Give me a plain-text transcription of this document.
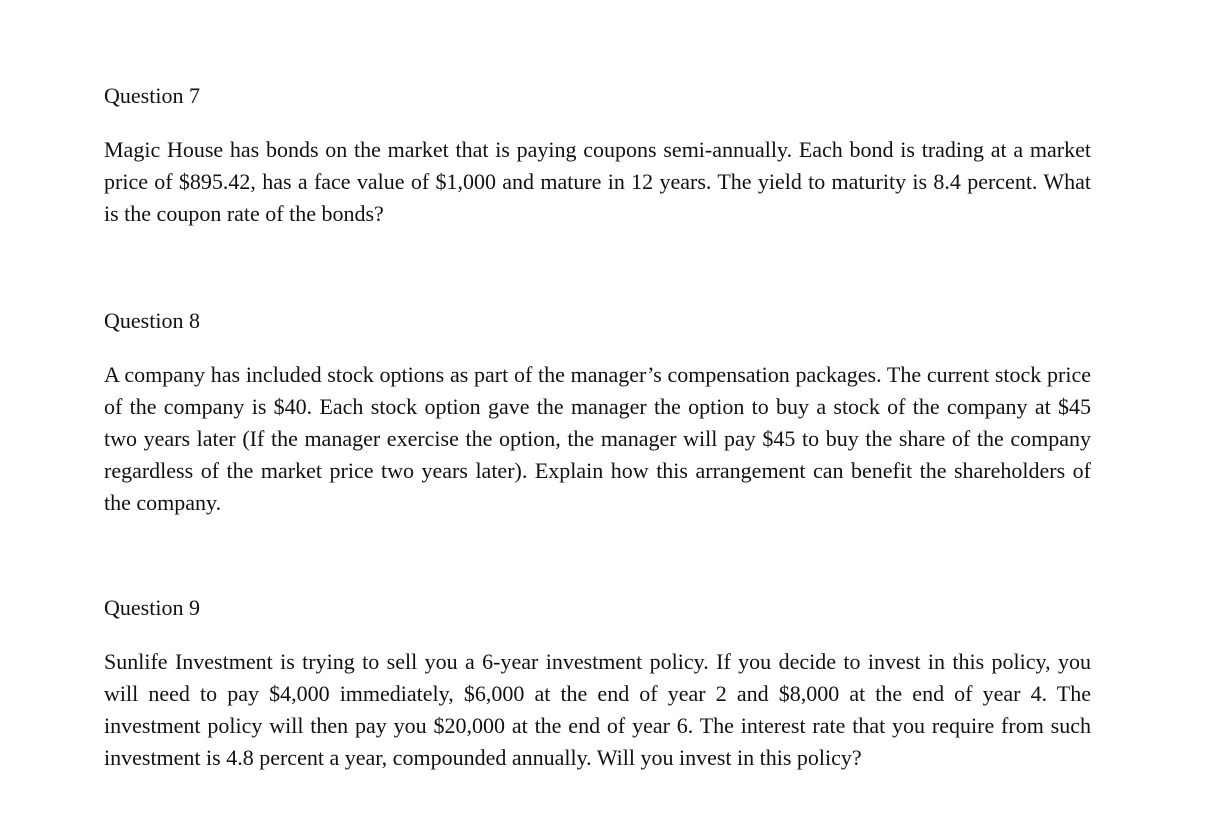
Question 7

Magic House has bonds on the market that is paying coupons semi-annually. Each bond is trading at a market price of $895.42, has a face value of $1,000 and mature in 12 years. The yield to maturity is 8.4 percent. What is the coupon rate of the bonds?

Question 8

A company has included stock options as part of the manager’s compensation packages. The current stock price of the company is $40. Each stock option gave the manager the option to buy a stock of the company at $45 two years later (If the manager exercise the option, the manager will pay $45 to buy the share of the company regardless of the market price two years later). Explain how this arrangement can benefit the shareholders of the company.

Question 9

Sunlife Investment is trying to sell you a 6-year investment policy. If you decide to invest in this policy, you will need to pay $4,000 immediately, $6,000 at the end of year 2 and $8,000 at the end of year 4. The investment policy will then pay you $20,000 at the end of year 6. The interest rate that you require from such investment is 4.8 percent a year, compounded annually. Will you invest in this policy?
